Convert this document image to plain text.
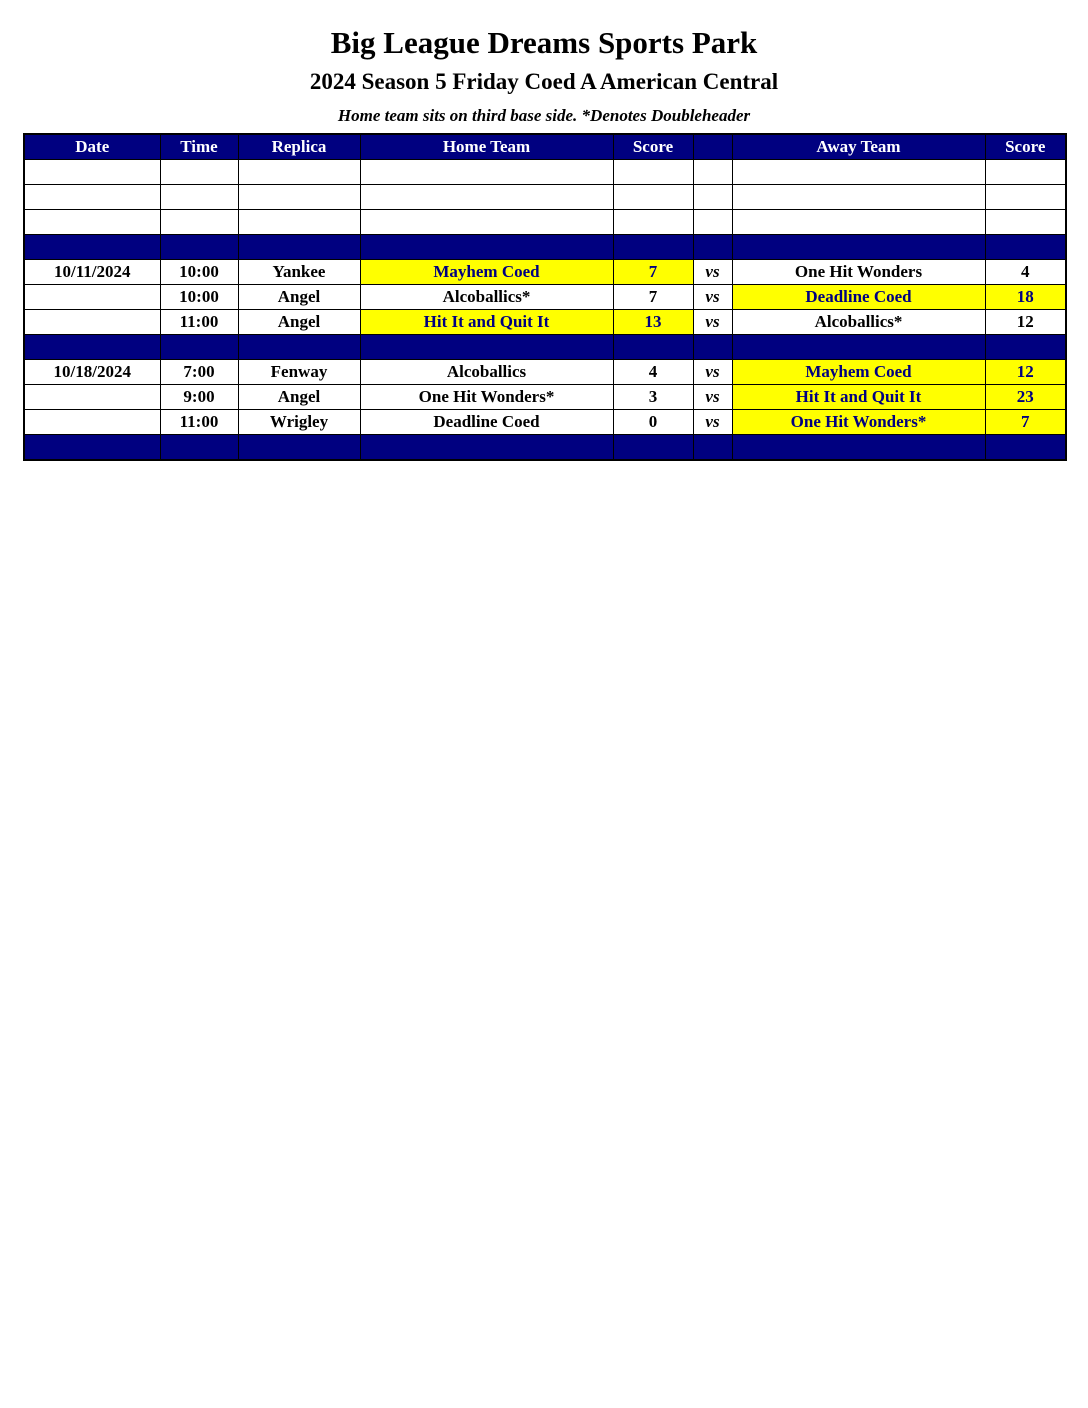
Big League Dreams Sports Park
2024 Season 5 Friday Coed A American Central
Home team sits on third base side. *Denotes Doubleheader
Date	Time	Replica	Home Team	Score		Away Team	Score

10/11/2024	10:00	Yankee	Mayhem Coed	7	vs	One Hit Wonders	4
	10:00	Angel	Alcoballics*	7	vs	Deadline Coed	18
	11:00	Angel	Hit It and Quit It	13	vs	Alcoballics*	12

10/18/2024	7:00	Fenway	Alcoballics	4	vs	Mayhem Coed	12
	9:00	Angel	One Hit Wonders*	3	vs	Hit It and Quit It	23
	11:00	Wrigley	Deadline Coed	0	vs	One Hit Wonders*	7
